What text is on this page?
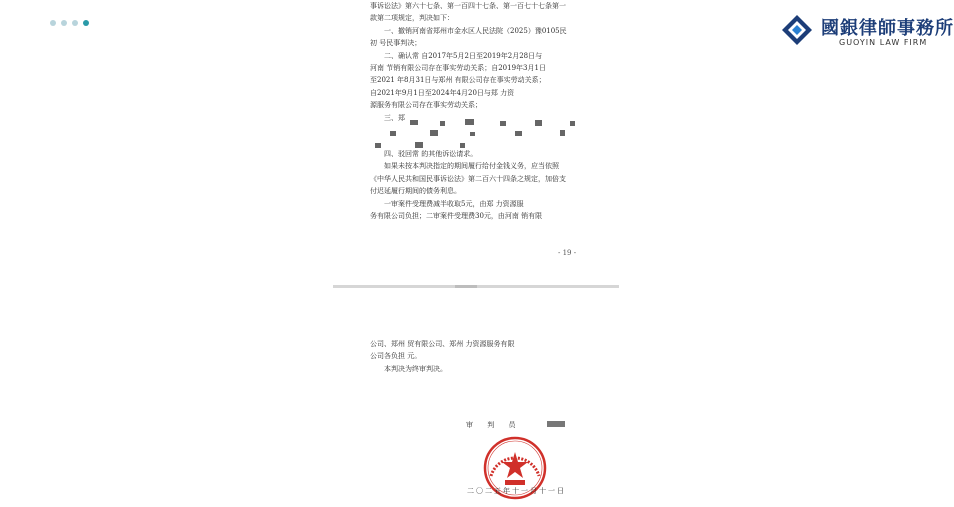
國銀律師事務所
GUOYIN LAW FIRM

事诉讼法》第六十七条、第一百四十七条、第一百七十七条第一

款第二项规定，判决如下：

一、撤销河南省郑州市金水区人民法院（2025）豫0105民

初 号民事判决；

二、确认常 自2017年5月2日至2019年2月28日与

河南 节销有限公司存在事实劳动关系；自2019年3月1日

至2021 年8月31日与郑州 有限公司存在事实劳动关系；

自2021年9月1日至2024年4月20日与郑 力资

源服务有限公司存在事实劳动关系；

三、郑

四、驳回常 的其他诉讼请求。

如果未按本判决指定的期间履行给付金钱义务，应当依照

《中华人民共和国民事诉讼法》第二百六十四条之规定，加倍支

付迟延履行期间的债务利息。

一审案件受理费减半收取5元，由郑 力资源服

务有限公司负担；二审案件受理费30元，由河南 销有限

- 19 -

公司、郑州 贸有限公司、郑州 力资源服务有限

公司各负担 元。

本判决为终审判决。

审 判 员
二〇二五年十一月十一日
